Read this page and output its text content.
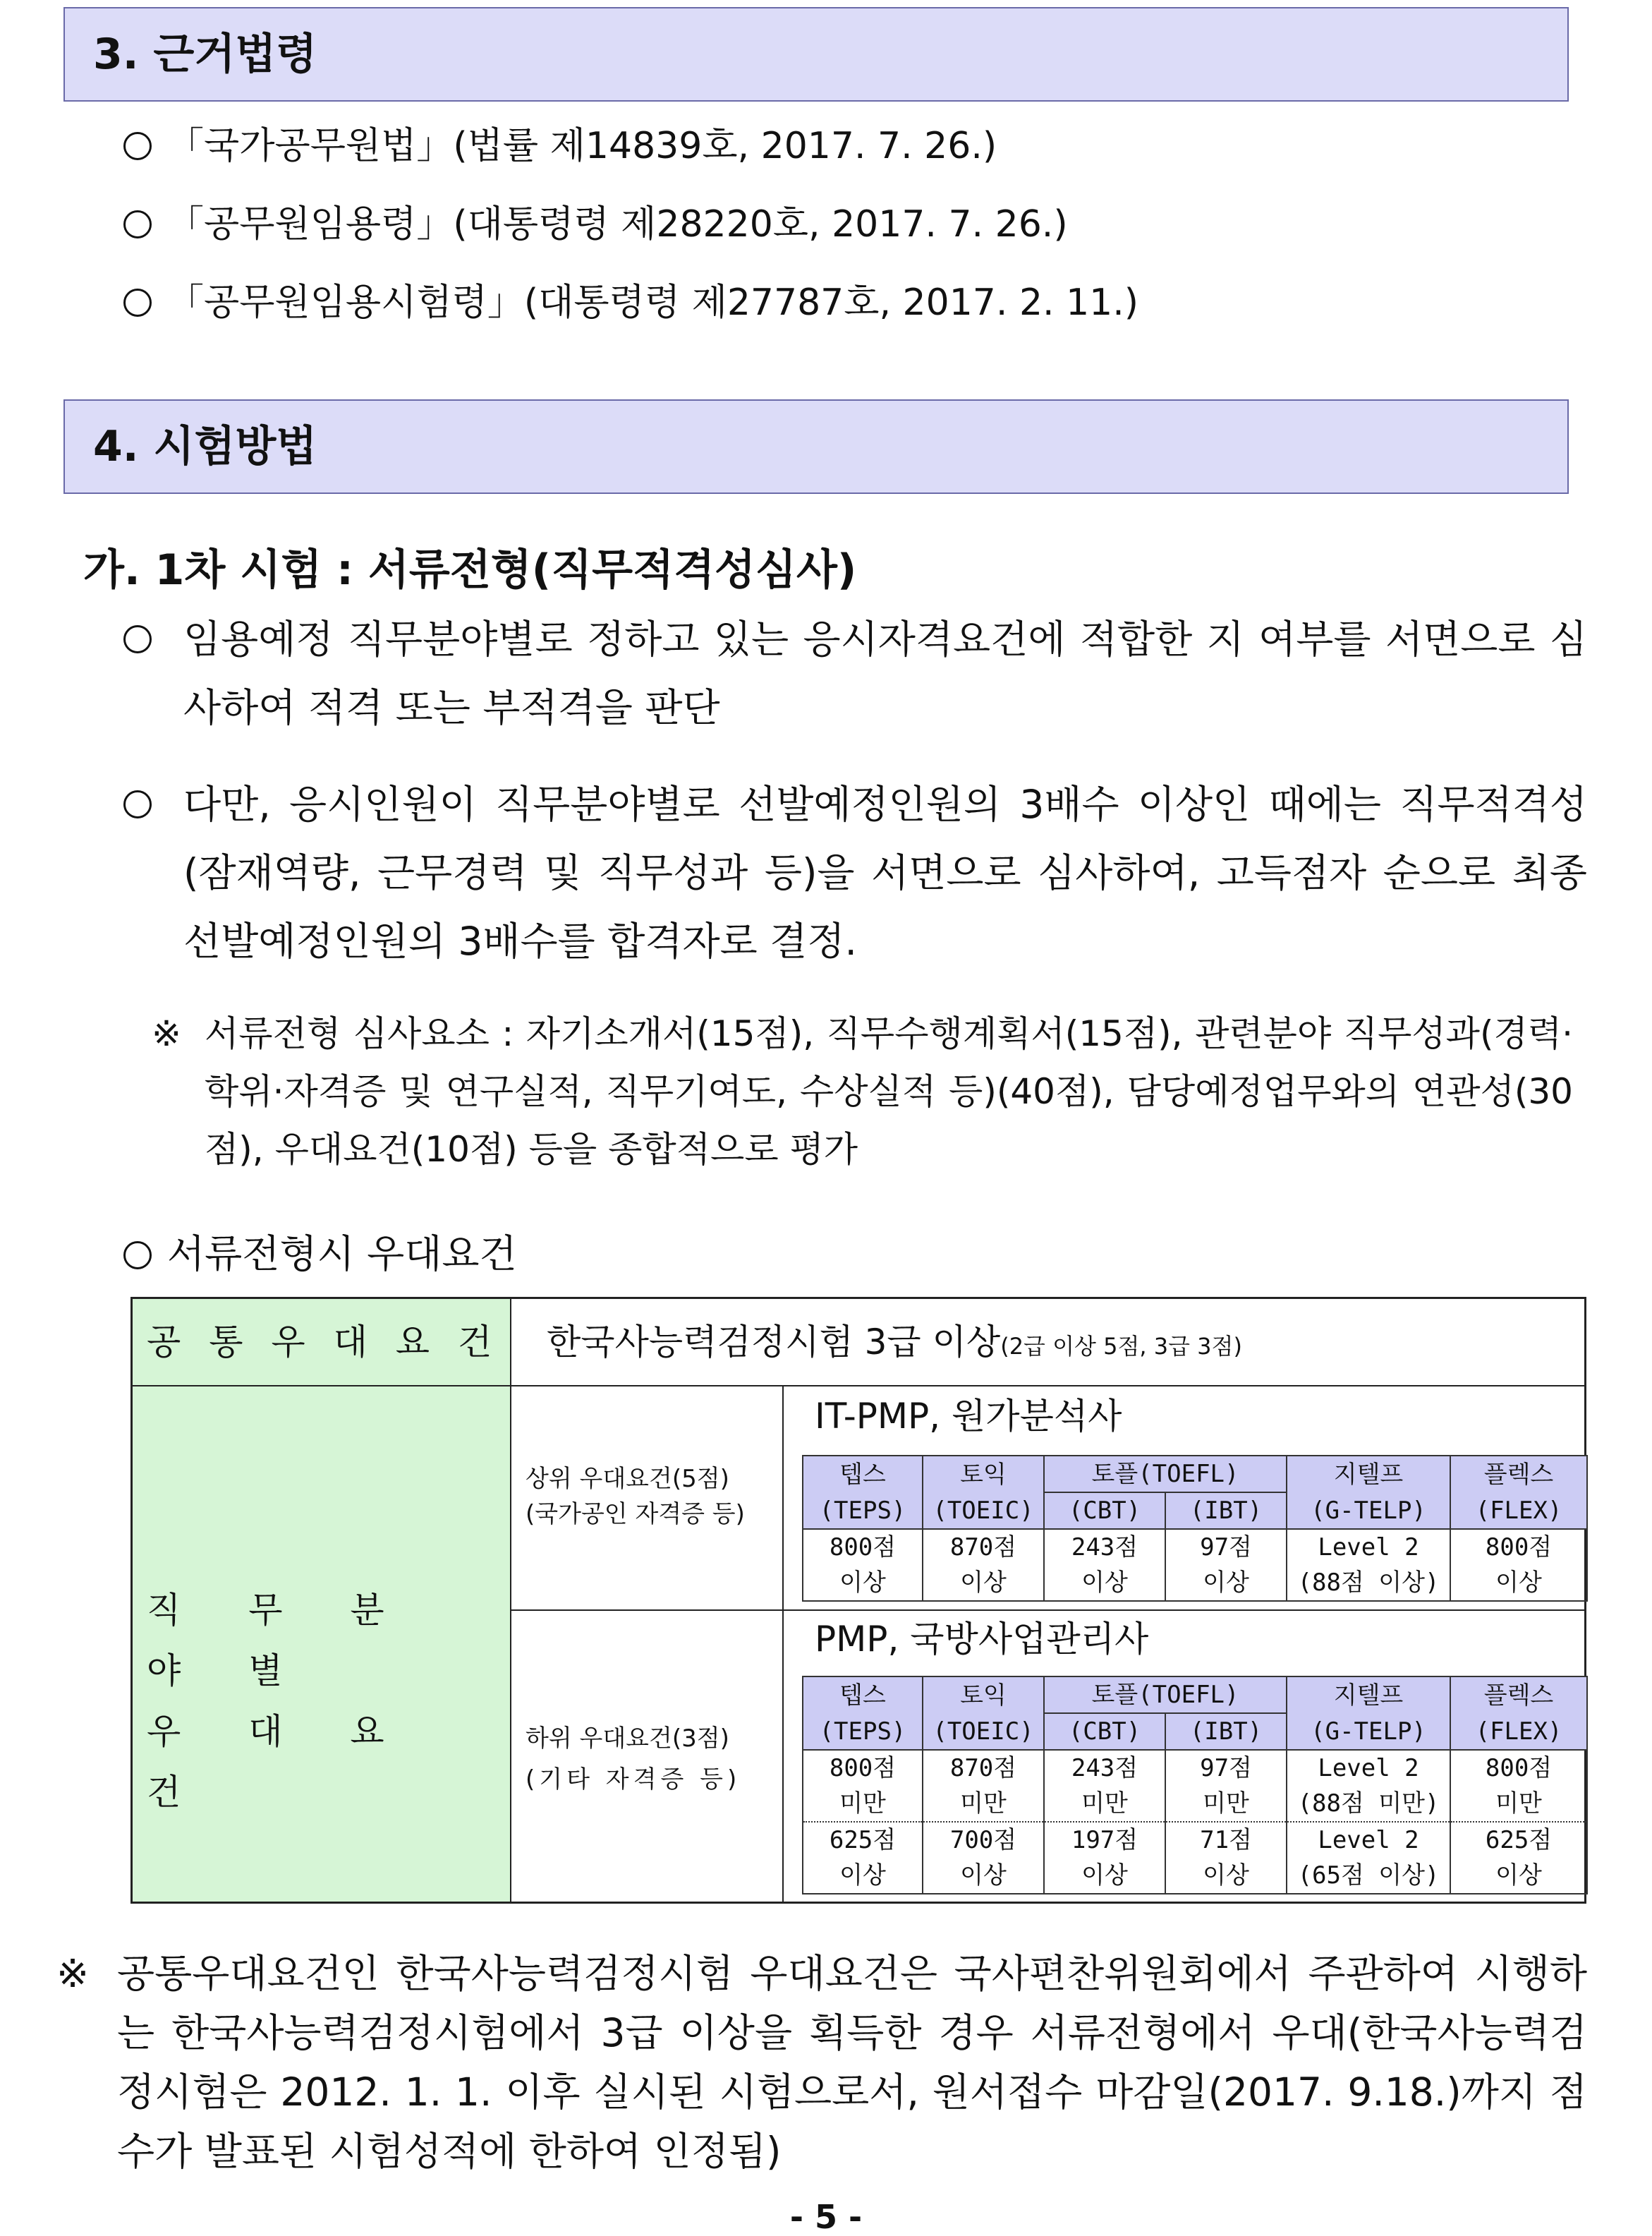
3. 근거법령
「국가공무원법」(법률 제14839호, 2017. 7. 26.)
「공무원임용령」(대통령령 제28220호, 2017. 7. 26.)
「공무원임용시험령」(대통령령 제27787호, 2017. 2. 11.)
4. 시험방법
가. 1차 시험 : 서류전형(직무적격성심사)
임용예정 직무분야별로 정하고 있는 응시자격요건에 적합한 지 여부를 서면으로 심사하여 적격 또는 부적격을 판단
다만, 응시인원이 직무분야별로 선발예정인원의 3배수 이상인 때에는 직무적격성(잠재역량, 근무경력 및 직무성과 등)을 서면으로 심사하여, 고득점자 순으로 최종 선발예정인원의 3배수를 합격자로 결정.
※ 서류전형 심사요소 : 자기소개서(15점), 직무수행계획서(15점), 관련분야 직무성과(경력·학위·자격증 및 연구실적, 직무기여도, 수상실적 등)(40점), 담당예정업무와의 연관성(30점), 우대요건(10점) 등을 종합적으로 평가
서류전형시 우대요건
공 통 우 대 요 건	한국사능력검정시험 3급 이상(2급 이상 5점, 3급 3점)
직 무 분 야 별
우 대 요 건
상위 우대요건(5점)
(국가공인 자격증 등)
IT-PMP, 원가분석사
텝스	토익	토플(TOEFL)		지텔프	플렉스
(TEPS)	(TOEIC)	(CBT)	(IBT)	(G-TELP)	(FLEX)
800점	870점	243점	97점	Level 2	800점
이상	이상	이상	이상	(88점 이상)	이상
하위 우대요건(3점)
(기타 자격증 등)
PMP, 국방사업관리사
텝스	토익	토플(TOEFL)		지텔프	플렉스
(TEPS)	(TOEIC)	(CBT)	(IBT)	(G-TELP)	(FLEX)
800점	870점	243점	97점	Level 2	800점
미만	미만	미만	미만	(88점 미만)	미만
625점	700점	197점	71점	Level 2	625점
이상	이상	이상	이상	(65점 이상)	이상
※ 공통우대요건인 한국사능력검정시험 우대요건은 국사편찬위원회에서 주관하여 시행하는 한국사능력검정시험에서 3급 이상을 획득한 경우 서류전형에서 우대(한국사능력검정시험은 2012. 1. 1. 이후 실시된 시험으로서, 원서접수 마감일(2017. 9.18.)까지 점수가 발표된 시험성적에 한하여 인정됨)
- 5 -
